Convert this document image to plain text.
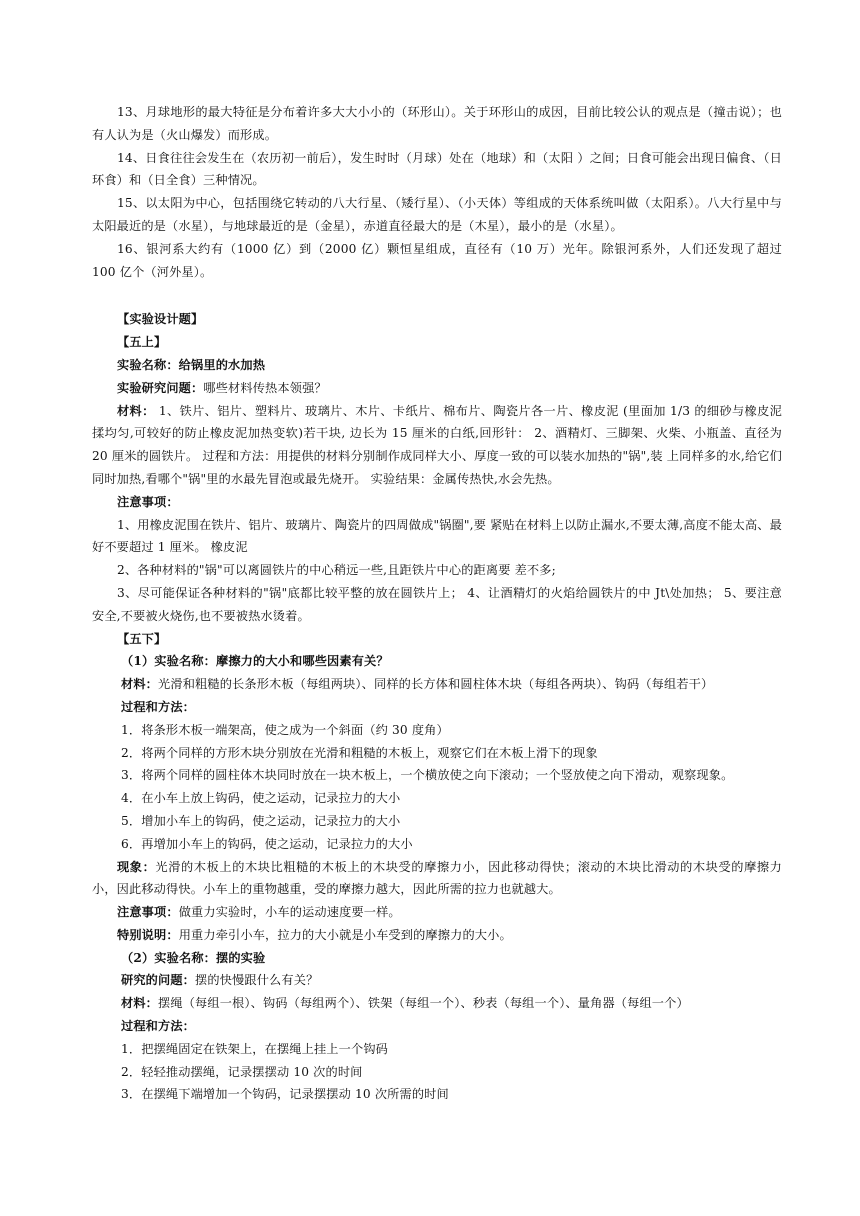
13、月球地形的最大特征是分布着许多大大小小的（环形山）。关于环形山的成因，目前比较公认的观点是（撞击说）；也有人认为是（火山爆发）而形成。

14、日食往往会发生在（农历初一前后），发生时时（月球）处在（地球）和（太阳 ）之间；日食可能会出现日偏食、（日环食）和（日全食）三种情况。

15、以太阳为中心，包括围绕它转动的八大行星、（矮行星）、（小天体）等组成的天体系统叫做（太阳系）。八大行星中与太阳最近的是（水星），与地球最近的是（金星），赤道直径最大的是（木星），最小的是（水星）。

16、银河系大约有（1000 亿）到（2000 亿）颗恒星组成，直径有（10 万）光年。除银河系外，人们还发现了超过 100 亿个（河外星）。

【实验设计题】

【五上】

实验名称：给锅里的水加热

实验研究问题：哪些材料传热本领强？

材料： 1、铁片、铝片、塑料片、玻璃片、木片、卡纸片、棉布片、陶瓷片各一片、橡皮泥 (里面加 1/3 的细砂与橡皮泥揉均匀,可较好的防止橡皮泥加热变软)若干块, 边长为 15 厘米的白纸,回形针： 2、酒精灯、三脚架、火柴、小瓶盖、直径为 20 厘米的圆铁片。 过程和方法：用提供的材料分别制作成同样大小、厚度一致的可以装水加热的"锅",装 上同样多的水,给它们同时加热,看哪个"锅"里的水最先冒泡或最先烧开。 实验结果：金属传热快,水会先热。

注意事项：

1、用橡皮泥围在铁片、铝片、玻璃片、陶瓷片的四周做成"锅圈",要 紧贴在材料上以防止漏水,不要太薄,高度不能太高、最好不要超过 1 厘米。 橡皮泥

2、各种材料的"锅"可以离圆铁片的中心稍远一些,且距铁片中心的距离要 差不多;

3、尽可能保证各种材料的"锅"底都比较平整的放在圆铁片上； 4、让酒精灯的火焰给圆铁片的中 Jt\处加热； 5、要注意安全,不要被火烧伤,也不要被热水烫着。

【五下】

（1）实验名称：摩擦力的大小和哪些因素有关？

材料：光滑和粗糙的长条形木板（每组两块）、同样的长方体和圆柱体木块（每组各两块）、钩码（每组若干）

过程和方法：

1．将条形木板一端架高，使之成为一个斜面（约 30 度角）

2．将两个同样的方形木块分别放在光滑和粗糙的木板上，观察它们在木板上滑下的现象

3．将两个同样的圆柱体木块同时放在一块木板上，一个横放使之向下滚动；一个竖放使之向下滑动，观察现象。

4．在小车上放上钩码，使之运动，记录拉力的大小

5．增加小车上的钩码，使之运动，记录拉力的大小

6．再增加小车上的钩码，使之运动，记录拉力的大小

现象：光滑的木板上的木块比粗糙的木板上的木块受的摩擦力小，因此移动得快；滚动的木块比滑动的木块受的摩擦力小，因此移动得快。小车上的重物越重，受的摩擦力越大，因此所需的拉力也就越大。

注意事项：做重力实验时，小车的运动速度要一样。

特别说明：用重力牵引小车，拉力的大小就是小车受到的摩擦力的大小。

（2）实验名称：摆的实验

研究的问题：摆的快慢跟什么有关？

材料：摆绳（每组一根）、钩码（每组两个）、铁架（每组一个）、秒表（每组一个）、量角器（每组一个）

过程和方法：

1．把摆绳固定在铁架上，在摆绳上挂上一个钩码

2．轻轻推动摆绳，记录摆摆动 10 次的时间

3．在摆绳下端增加一个钩码，记录摆摆动 10 次所需的时间
